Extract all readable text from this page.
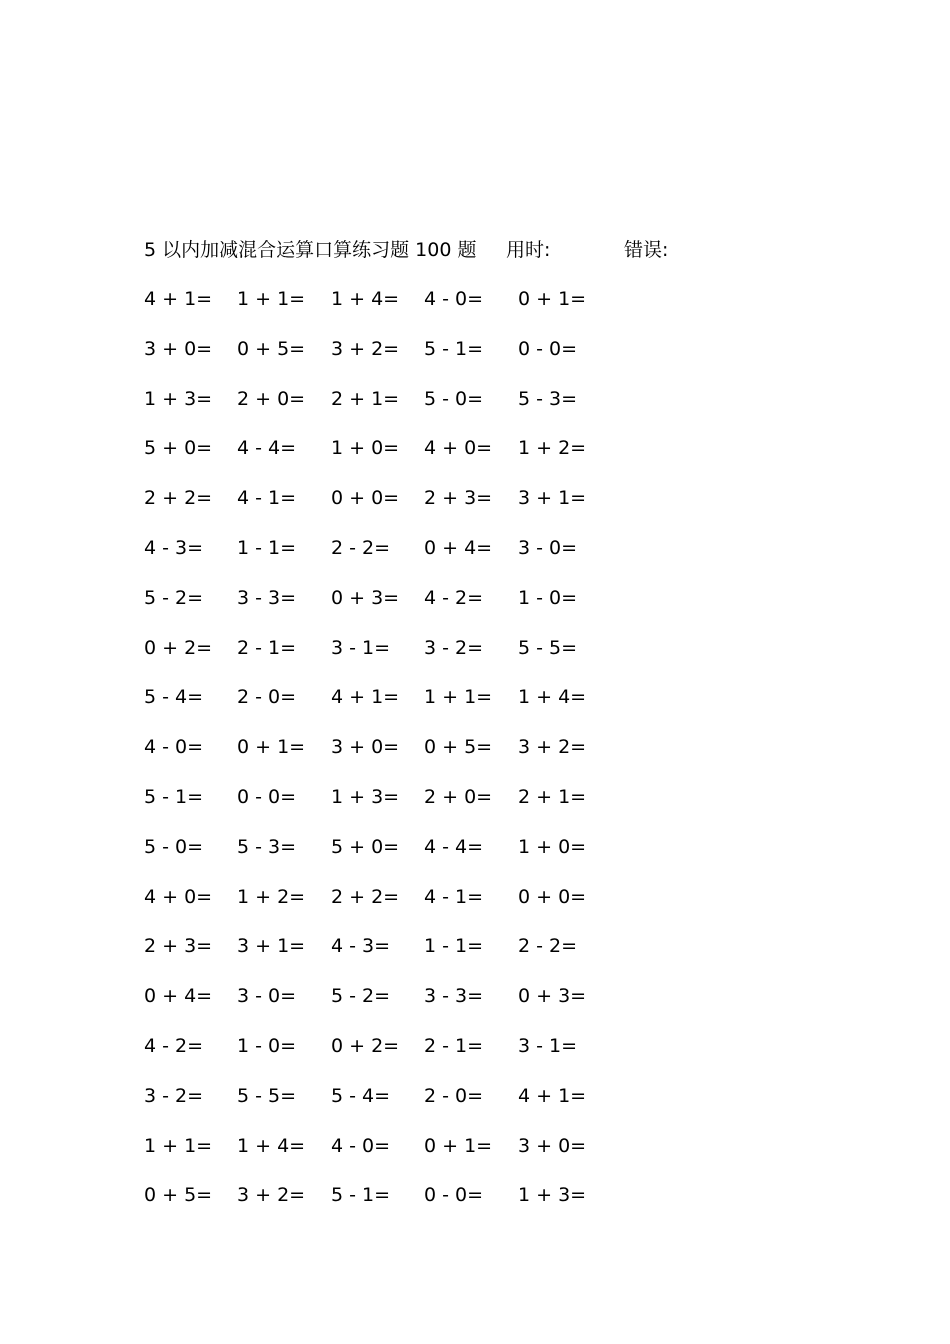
5 以内加减混合运算口算练习题 100 题 用时:	错误:
4 + 1= 1 + 1= 1 + 4= 4 - 0= 0 + 1=
3 + 0= 0 + 5= 3 + 2= 5 - 1= 0 - 0=
1 + 3= 2 + 0= 2 + 1= 5 - 0= 5 - 3=
5 + 0= 4 - 4= 1 + 0= 4 + 0= 1 + 2=
2 + 2= 4 - 1= 0 + 0= 2 + 3= 3 + 1=
4 - 3= 1 - 1= 2 - 2= 0 + 4= 3 - 0=
5 - 2= 3 - 3= 0 + 3= 4 - 2= 1 - 0=
0 + 2= 2 - 1= 3 - 1= 3 - 2= 5 - 5=
5 - 4= 2 - 0= 4 + 1= 1 + 1= 1 + 4=
4 - 0= 0 + 1= 3 + 0= 0 + 5= 3 + 2=
5 - 1= 0 - 0= 1 + 3= 2 + 0= 2 + 1=
5 - 0= 5 - 3= 5 + 0= 4 - 4= 1 + 0=
4 + 0= 1 + 2= 2 + 2= 4 - 1= 0 + 0=
2 + 3= 3 + 1= 4 - 3= 1 - 1= 2 - 2=
0 + 4= 3 - 0= 5 - 2= 3 - 3= 0 + 3=
4 - 2= 1 - 0= 0 + 2= 2 - 1= 3 - 1=
3 - 2= 5 - 5= 5 - 4= 2 - 0= 4 + 1=
1 + 1= 1 + 4= 4 - 0= 0 + 1= 3 + 0=
0 + 5= 3 + 2= 5 - 1= 0 - 0= 1 + 3=
